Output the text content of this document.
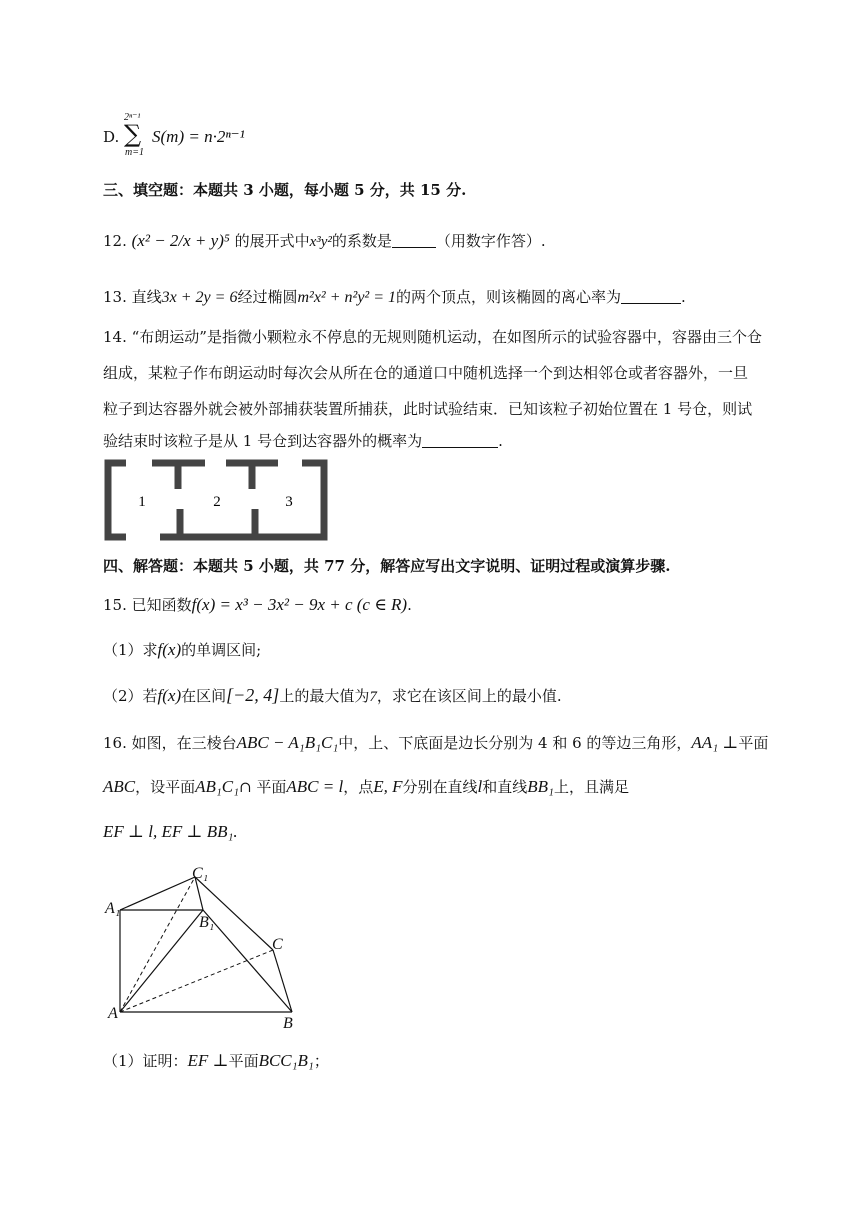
D.
2ⁿ⁻¹
∑
m=1
S(m) = n·2ⁿ⁻¹
三、填空题：本题共 3 小题，每小题 5 分，共 15 分.
12. (x² − 2/x + y)⁵ 的展开式中x³y²的系数是	（用数字作答）.
13. 直线3x + 2y = 6经过椭圆m²x² + n²y² = 1的两个顶点，则该椭圆的离心率为	.
14. “布朗运动”是指微小颗粒永不停息的无规则随机运动，在如图所示的试验容器中，容器由三个仓
组成，某粒子作布朗运动时每次会从所在仓的通道口中随机选择一个到达相邻仓或者容器外，一旦
粒子到达容器外就会被外部捕获装置所捕获，此时试验结束．已知该粒子初始位置在 1 号仓，则试
验结束时该粒子是从 1 号仓到达容器外的概率为	.
1	2	3
四、解答题：本题共 5 小题，共 77 分，解答应写出文字说明、证明过程或演算步骤.
15. 已知函数f(x) = x³ − 3x² − 9x + c (c ∈ R).
（1）求f(x)的单调区间;
（2）若f(x)在区间[−2, 4]上的最大值为7，求它在该区间上的最小值.
16. 如图，在三棱台ABC − A₁B₁C₁中，上、下底面是边长分别为 4 和 6 的等边三角形，AA₁ ⊥平面
ABC，设平面AB₁C₁∩ 平面ABC = l，点E, F分别在直线l和直线BB₁上，且满足
EF ⊥ l, EF ⊥ BB₁.
A₁
C₁
B₁
C
A
B
（1）证明：EF ⊥平面BCC₁B₁；
